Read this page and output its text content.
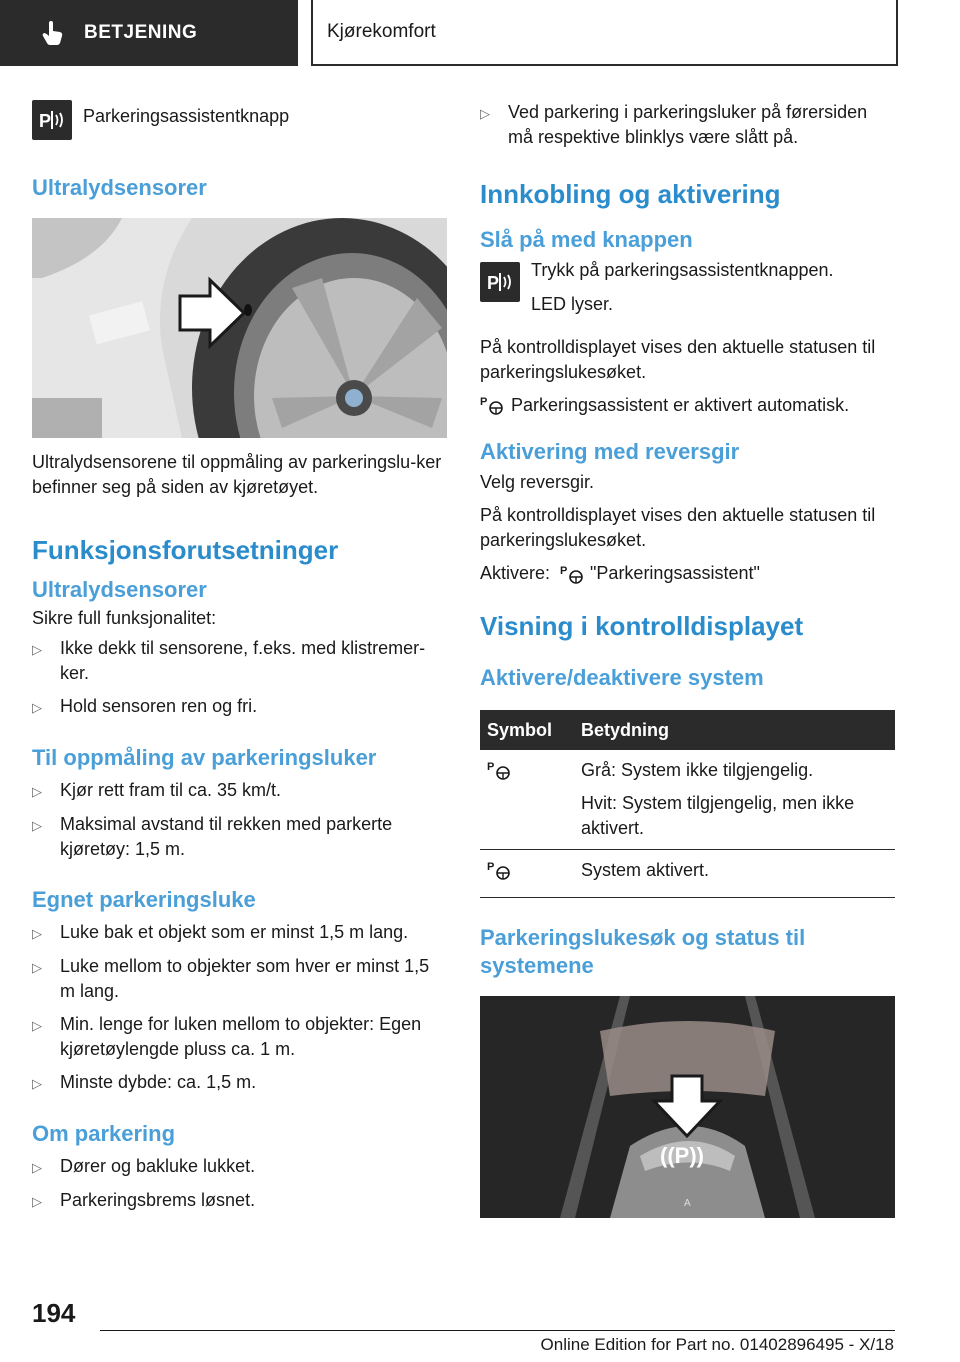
BETJENING	Kjørekomfort
P Parkeringsassistentknapp

Ultralydsensorer

Ultralydsensorene til oppmåling av parkeringslu-ker befinner seg på siden av kjøretøyet.

Funksjonsforutsetninger
Ultralydsensorer

Sikre full funksjonalitet:

▷	Ikke dekk til sensorene, f.eks. med klistremer-ker.
▷	Hold sensoren ren og fri.
Til oppmåling av parkeringsluker
▷	Kjør rett fram til ca. 35 km/t.
▷	Maksimal avstand til rekken med parkerte kjøretøy: 1,5 m.
Egnet parkeringsluke
▷	Luke bak et objekt som er minst 1,5 m lang.
▷	Luke mellom to objekter som hver er minst 1,5 m lang.
▷	Min. lenge for luken mellom to objekter: Egen kjøretøylengde pluss ca. 1 m.
▷	Minste dybde: ca. 1,5 m.
Om parkering
▷	Dører og bakluke lukket.
▷	Parkeringsbrems løsnet.
▷	Ved parkering i parkeringsluker på førersiden må respektive blinklys være slått på.
Innkobling og aktivering
Slå på med knappen
P

Trykk på parkeringsassistentknappen.

LED lyser.

På kontrolldisplayet vises den aktuelle statusen til parkeringslukesøket.

P Parkeringsassistent er aktivert automatisk.

Aktivering med reversgir

Velg reversgir.

På kontrolldisplayet vises den aktuelle statusen til parkeringslukesøket.

Aktivere: P "Parkeringsassistent"
Visning i kontrolldisplayet
Aktivere/deaktivere system
Symbol	Betydning

P	Grå: System ikke tilgjengelig.
Hvit: System tilgjengelig, men ikke aktivert.

P	System aktivert.
Parkeringslukesøk og status til systemene
((P))
A
194
Online Edition for Part no. 01402896495 - X/18
